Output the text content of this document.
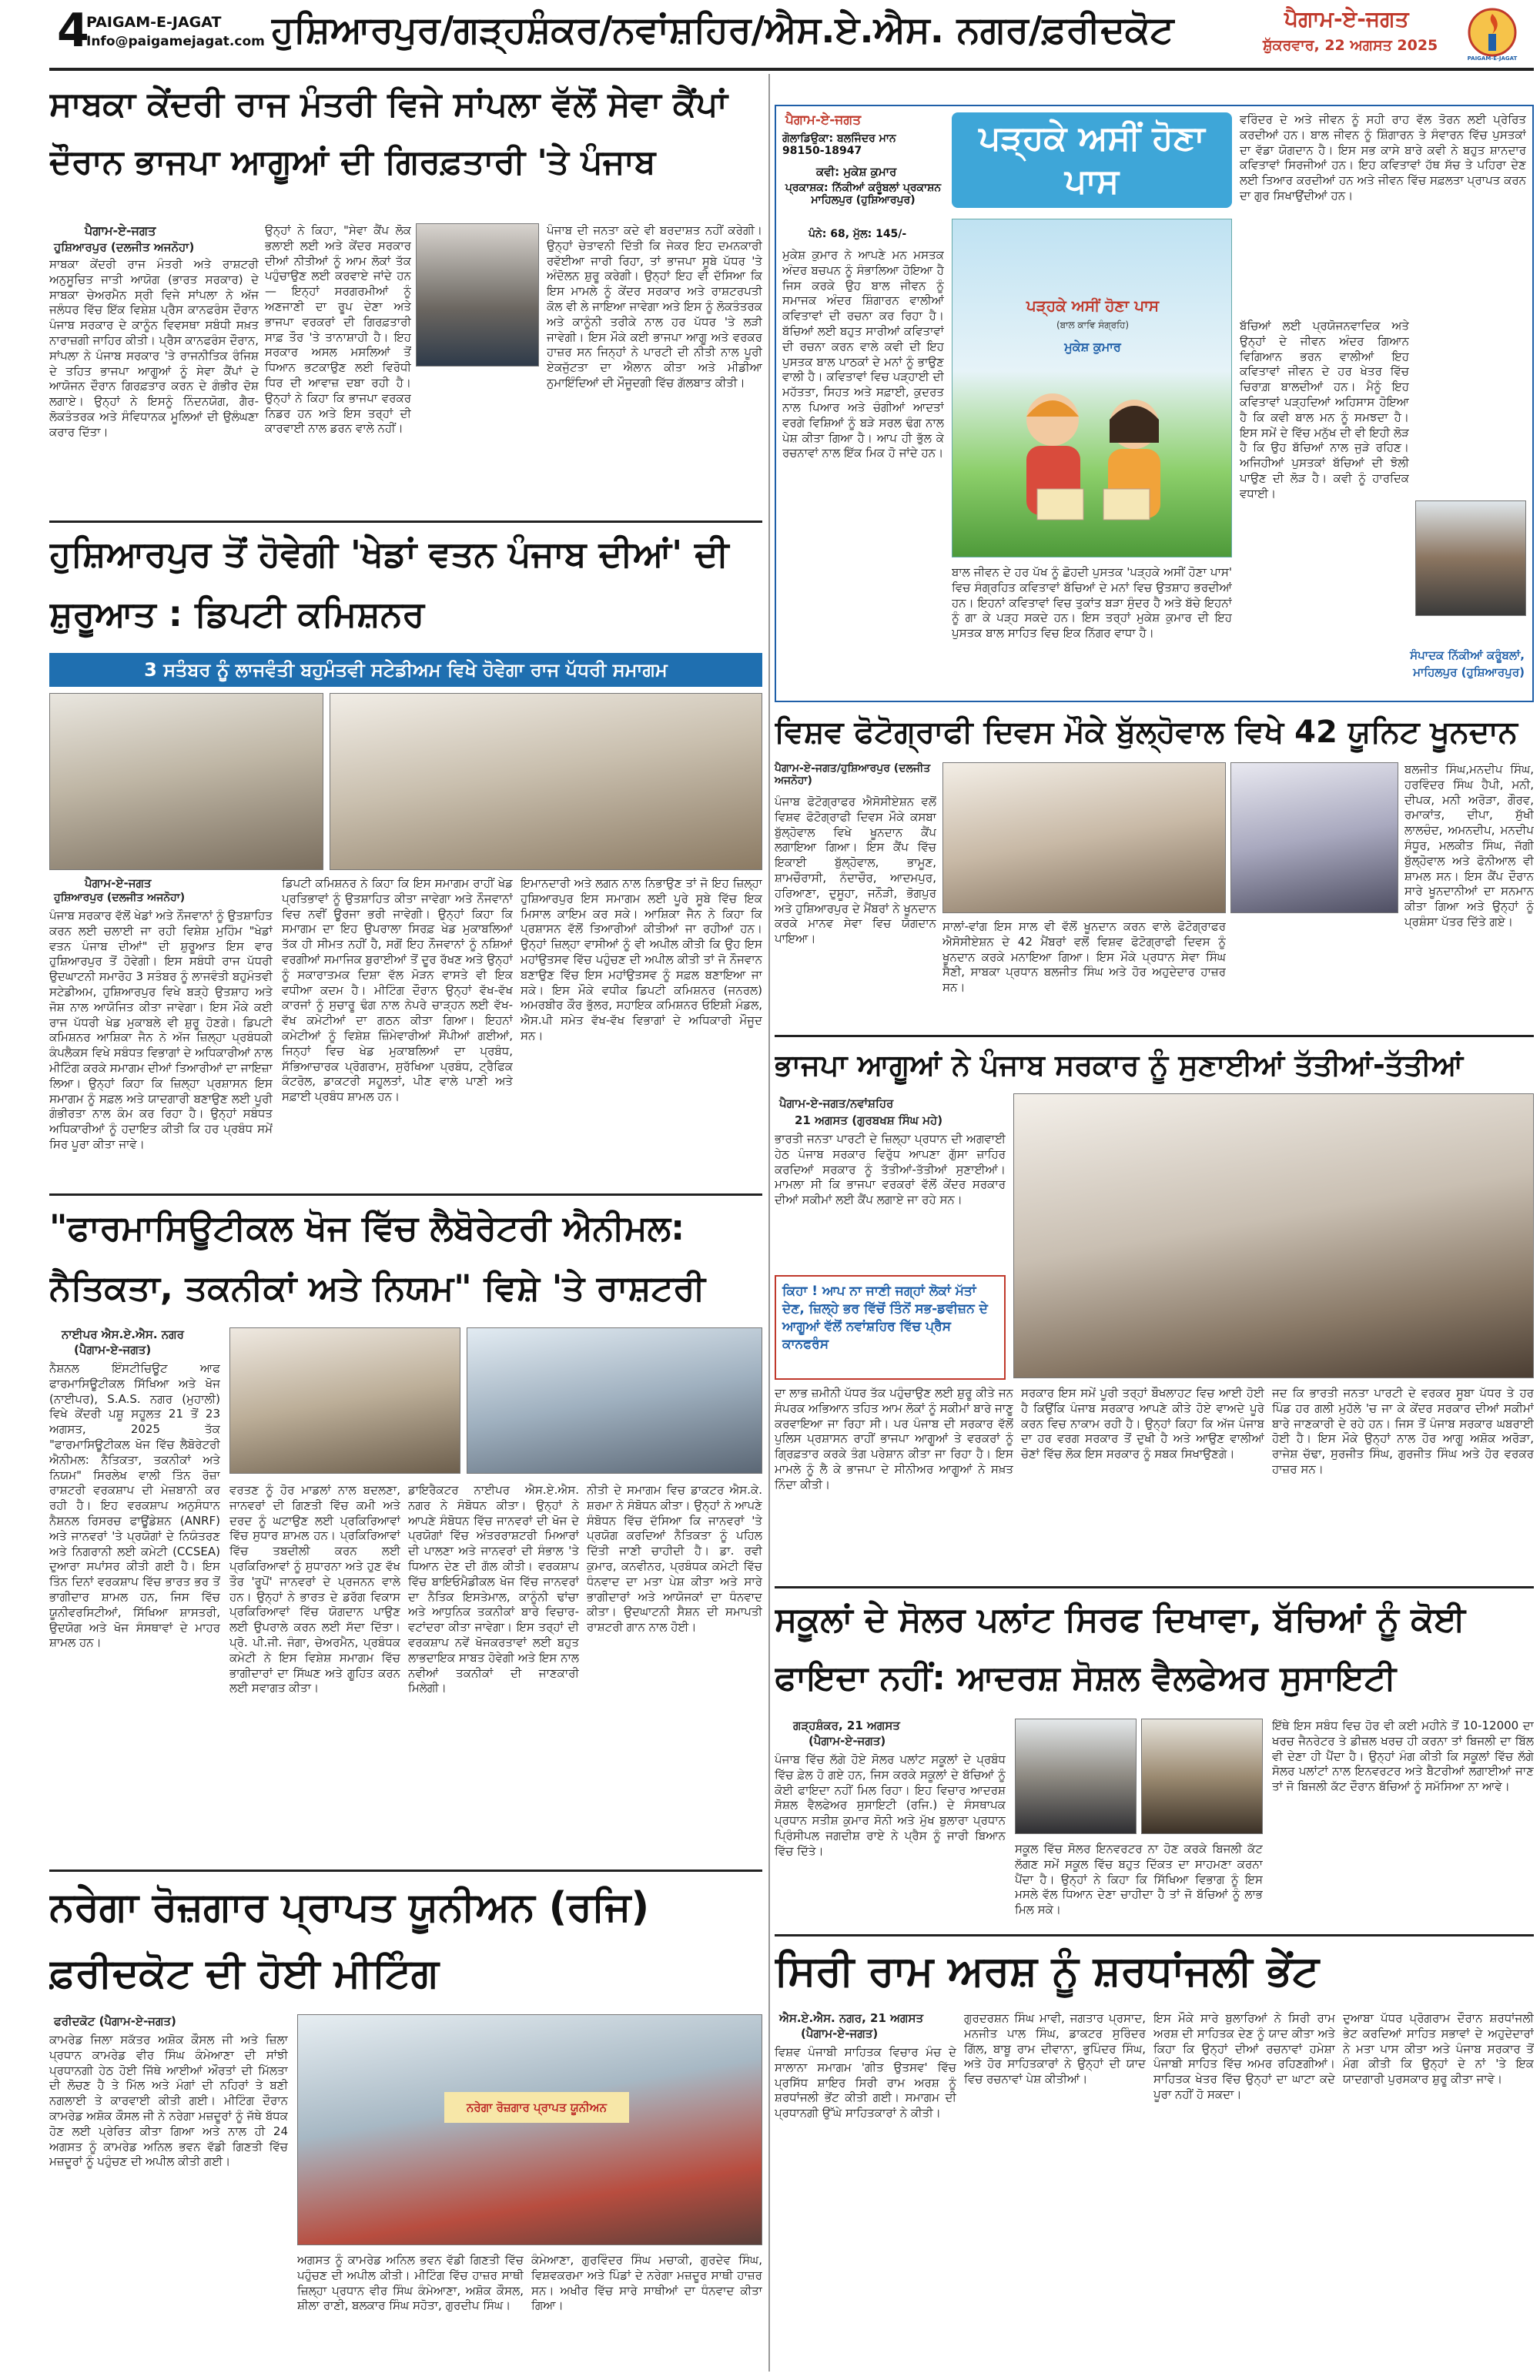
4
PAIGAM-E-JAGAT
Info@paigamejagat.com ਹੁਸ਼ਿਆਰਪੁਰ/ਗੜ੍ਹਸ਼ੰਕਰ/ਨਵਾਂਸ਼ਹਿਰ/ਐਸ.ਏ.ਐਸ. ਨਗਰ/ਫ਼ਰੀਦਕੋਟ	ਪੈਗਾਮ-ਏ-ਜਗਤ
ਸ਼ੁੱਕਰਵਾਰ, 22 ਅਗਸਤ 2025
PAIGAM-E-JAGAT
ਸਾਬਕਾ ਕੇਂਦਰੀ ਰਾਜ ਮੰਤਰੀ ਵਿਜੇ ਸਾਂਪਲਾ ਵੱਲੋਂ ਸੇਵਾ ਕੈਂਪਾਂ ਦੌਰਾਨ ਭਾਜਪਾ ਆਗੂਆਂ ਦੀ ਗਿਰਫ਼ਤਾਰੀ 'ਤੇ ਪੰਜਾਬ
ਪੈਗਾਮ-ਏ-ਜਗਤ
ਹੁਸ਼ਿਆਰਪੁਰ (ਦਲਜੀਤ ਅਜਨੋਹਾ)
ਸਾਬਕਾ ਕੇਂਦਰੀ ਰਾਜ ਮੰਤਰੀ ਅਤੇ ਰਾਸ਼ਟਰੀ ਅਨੁਸੂਚਿਤ ਜਾਤੀ ਆਯੋਗ (ਭਾਰਤ ਸਰਕਾਰ) ਦੇ ਸਾਬਕਾ ਚੇਅਰਮੈਨ ਸ੍ਰੀ ਵਿਜੇ ਸਾਂਪਲਾ ਨੇ ਅੱਜ ਜਲੰਧਰ ਵਿੱਚ ਇੱਕ ਵਿਸ਼ੇਸ਼ ਪ੍ਰੈਸ ਕਾਨਫਰੰਸ ਦੌਰਾਨ ਪੰਜਾਬ ਸਰਕਾਰ ਦੇ ਕਾਨੂੰਨ ਵਿਵਸਥਾ ਸਬੰਧੀ ਸਖ਼ਤ ਨਾਰਾਜ਼ਗੀ ਜਾਹਿਰ ਕੀਤੀ। ਪ੍ਰੈਸ ਕਾਨਫਰੰਸ ਦੌਰਾਨ, ਸਾਂਪਲਾ ਨੇ ਪੰਜਾਬ ਸਰਕਾਰ 'ਤੇ ਰਾਜਨੀਤਿਕ ਰੰਜਿਸ਼ ਦੇ ਤਹਿਤ ਭਾਜਪਾ ਆਗੂਆਂ ਨੂੰ ਸੇਵਾ ਕੈਂਪਾਂ ਦੇ ਆਯੋਜਨ ਦੌਰਾਨ ਗਿਰਫ਼ਤਾਰ ਕਰਨ ਦੇ ਗੰਭੀਰ ਦੋਸ਼ ਲਗਾਏ। ਉਨ੍ਹਾਂ ਨੇ ਇਸਨੂੰ ਨਿੰਦਨਯੋਗ, ਗੈਰ-ਲੋਕਤੰਤਰਕ ਅਤੇ ਸੰਵਿਧਾਨਕ ਮੂਲਿਆਂ ਦੀ ਉਲੰਘਣਾ ਕਰਾਰ ਦਿੱਤਾ।
ਉਨ੍ਹਾਂ ਨੇ ਕਿਹਾ, "ਸੇਵਾ ਕੈਂਪ ਲੋਕ ਭਲਾਈ ਲਈ ਅਤੇ ਕੇਂਦਰ ਸਰਕਾਰ ਦੀਆਂ ਨੀਤੀਆਂ ਨੂੰ ਆਮ ਲੋਕਾਂ ਤੱਕ ਪਹੁੰਚਾਉਣ ਲਈ ਕਰਵਾਏ ਜਾਂਦੇ ਹਨ — ਇਨ੍ਹਾਂ ਸਰਗਰਮੀਆਂ ਨੂੰ ਅਣਜਾਣੀ ਦਾ ਰੂਪ ਦੇਣਾ ਅਤੇ ਭਾਜਪਾ ਵਰਕਰਾਂ ਦੀ ਗਿਰਫ਼ਤਾਰੀ ਸਾਫ਼ ਤੌਰ 'ਤੇ ਤਾਨਾਸ਼ਾਹੀ ਹੈ। ਇਹ ਸਰਕਾਰ ਅਸਲ ਮਸਲਿਆਂ ਤੋਂ ਧਿਆਨ ਭਟਕਾਉਣ ਲਈ ਵਿਰੋਧੀ ਧਿਰ ਦੀ ਆਵਾਜ਼ ਦਬਾ ਰਹੀ ਹੈ। ਉਨ੍ਹਾਂ ਨੇ ਕਿਹਾ ਕਿ ਭਾਜਪਾ ਵਰਕਰ ਨਿਡਰ ਹਨ ਅਤੇ ਇਸ ਤਰ੍ਹਾਂ ਦੀ ਕਾਰਵਾਈ ਨਾਲ ਡਰਨ ਵਾਲੇ ਨਹੀਂ।
ਪੰਜਾਬ ਦੀ ਜਨਤਾ ਕਦੇ ਵੀ ਬਰਦਾਸ਼ਤ ਨਹੀਂ ਕਰੇਗੀ। ਉਨ੍ਹਾਂ ਚੇਤਾਵਨੀ ਦਿੱਤੀ ਕਿ ਜੇਕਰ ਇਹ ਦਮਨਕਾਰੀ ਰਵੱਈਆ ਜਾਰੀ ਰਿਹਾ, ਤਾਂ ਭਾਜਪਾ ਸੂਬੇ ਪੱਧਰ 'ਤੇ ਅੰਦੋਲਨ ਸ਼ੁਰੂ ਕਰੇਗੀ। ਉਨ੍ਹਾਂ ਇਹ ਵੀ ਦੱਸਿਆ ਕਿ ਇਸ ਮਾਮਲੇ ਨੂੰ ਕੇਂਦਰ ਸਰਕਾਰ ਅਤੇ ਰਾਸ਼ਟਰਪਤੀ ਕੋਲ ਵੀ ਲੇ ਜਾਇਆ ਜਾਵੇਗਾ ਅਤੇ ਇਸ ਨੂੰ ਲੋਕਤੰਤਰਕ ਅਤੇ ਕਾਨੂੰਨੀ ਤਰੀਕੇ ਨਾਲ ਹਰ ਪੱਧਰ 'ਤੇ ਲੜੀ ਜਾਵੇਗੀ। ਇਸ ਮੌਕੇ ਕਈ ਭਾਜਪਾ ਆਗੂ ਅਤੇ ਵਰਕਰ ਹਾਜ਼ਰ ਸਨ ਜਿਨ੍ਹਾਂ ਨੇ ਪਾਰਟੀ ਦੀ ਨੀਤੀ ਨਾਲ ਪੂਰੀ ਏਕਜੁੱਟਤਾ ਦਾ ਐਲਾਨ ਕੀਤਾ ਅਤੇ ਮੀਡੀਆ ਨੁਮਾਇੰਦਿਆਂ ਦੀ ਮੌਜੂਦਗੀ ਵਿੱਚ ਗੱਲਬਾਤ ਕੀਤੀ।
ਹੁਸ਼ਿਆਰਪੁਰ ਤੋਂ ਹੋਵੇਗੀ 'ਖੇਡਾਂ ਵਤਨ ਪੰਜਾਬ ਦੀਆਂ' ਦੀ ਸ਼ੁਰੂਆਤ : ਡਿਪਟੀ ਕਮਿਸ਼ਨਰ
3 ਸਤੰਬਰ ਨੂੰ ਲਾਜਵੰਤੀ ਬਹੁਮੰਤਵੀ ਸਟੇਡੀਅਮ ਵਿਖੇ ਹੋਵੇਗਾ ਰਾਜ ਪੱਧਰੀ ਸਮਾਗਮ
ਪੈਗਾਮ-ਏ-ਜਗਤ
ਹੁਸ਼ਿਆਰਪੁਰ (ਦਲਜੀਤ ਅਜਨੋਹਾ)
ਪੰਜਾਬ ਸਰਕਾਰ ਵੱਲੋਂ ਖੇਡਾਂ ਅਤੇ ਨੌਜਵਾਨਾਂ ਨੂੰ ਉਤਸ਼ਾਹਿਤ ਕਰਨ ਲਈ ਚਲਾਈ ਜਾ ਰਹੀ ਵਿਸ਼ੇਸ਼ ਮੁਹਿੰਮ "ਖੇਡਾਂ ਵਤਨ ਪੰਜਾਬ ਦੀਆਂ" ਦੀ ਸ਼ੁਰੂਆਤ ਇਸ ਵਾਰ ਹੁਸ਼ਿਆਰਪੁਰ ਤੋਂ ਹੋਵੇਗੀ। ਇਸ ਸਬੰਧੀ ਰਾਜ ਪੱਧਰੀ ਉਦਘਾਟਨੀ ਸਮਾਰੋਹ 3 ਸਤੰਬਰ ਨੂੰ ਲਾਜਵੰਤੀ ਬਹੁਮੰਤਵੀ ਸਟੇਡੀਅਮ, ਹੁਸ਼ਿਆਰਪੁਰ ਵਿਖੇ ਬੜ੍ਹੇ ਉਤਸ਼ਾਹ ਅਤੇ ਜੋਸ਼ ਨਾਲ ਆਯੋਜਿਤ ਕੀਤਾ ਜਾਵੇਗਾ। ਇਸ ਮੌਕੇ ਕਈ ਰਾਜ ਪੱਧਰੀ ਖੇਡ ਮੁਕਾਬਲੇ ਵੀ ਸ਼ੁਰੂ ਹੋਣਗੇ। ਡਿਪਟੀ ਕਮਿਸ਼ਨਰ ਆਸ਼ਿਕਾ ਜੈਨ ਨੇ ਅੱਜ ਜ਼ਿਲ੍ਹਾ ਪ੍ਰਬੰਧਕੀ ਕੰਪਲੈਕਸ ਵਿਖੇ ਸਬੰਧਤ ਵਿਭਾਗਾਂ ਦੇ ਅਧਿਕਾਰੀਆਂ ਨਾਲ ਮੀਟਿੰਗ ਕਰਕੇ ਸਮਾਗਮ ਦੀਆਂ ਤਿਆਰੀਆਂ ਦਾ ਜਾਇਜ਼ਾ ਲਿਆ। ਉਨ੍ਹਾਂ ਕਿਹਾ ਕਿ ਜ਼ਿਲ੍ਹਾ ਪ੍ਰਸ਼ਾਸਨ ਇਸ ਸਮਾਗਮ ਨੂੰ ਸਫ਼ਲ ਅਤੇ ਯਾਦਗਾਰੀ ਬਣਾਉਣ ਲਈ ਪੂਰੀ ਗੰਭੀਰਤਾ ਨਾਲ ਕੰਮ ਕਰ ਰਿਹਾ ਹੈ। ਉਨ੍ਹਾਂ ਸਬੰਧਤ ਅਧਿਕਾਰੀਆਂ ਨੂੰ ਹਦਾਇਤ ਕੀਤੀ ਕਿ ਹਰ ਪ੍ਰਬੰਧ ਸਮੇਂ ਸਿਰ ਪੂਰਾ ਕੀਤਾ ਜਾਵੇ।
ਡਿਪਟੀ ਕਮਿਸ਼ਨਰ ਨੇ ਕਿਹਾ ਕਿ ਇਸ ਸਮਾਗਮ ਰਾਹੀਂ ਖੇਡ ਪ੍ਰਤਿਭਾਵਾਂ ਨੂੰ ਉਤਸ਼ਾਹਿਤ ਕੀਤਾ ਜਾਵੇਗਾ ਅਤੇ ਨੌਜਵਾਨਾਂ ਵਿਚ ਨਵੀਂ ਊਰਜਾ ਭਰੀ ਜਾਵੇਗੀ। ਉਨ੍ਹਾਂ ਕਿਹਾ ਕਿ ਸਮਾਗਮ ਦਾ ਇਹ ਉਪਰਾਲਾ ਸਿਰਫ਼ ਖੇਡ ਮੁਕਾਬਲਿਆਂ ਤੱਕ ਹੀ ਸੀਮਤ ਨਹੀਂ ਹੈ, ਸਗੋਂ ਇਹ ਨੌਜਵਾਨਾਂ ਨੂੰ ਨਸ਼ਿਆਂ ਵਰਗੀਆਂ ਸਮਾਜਿਕ ਬੁਰਾਈਆਂ ਤੋਂ ਦੂਰ ਰੱਖਣ ਅਤੇ ਉਨ੍ਹਾਂ ਨੂੰ ਸਕਾਰਾਤਮਕ ਦਿਸ਼ਾ ਵੱਲ ਮੋੜਨ ਵਾਸਤੇ ਵੀ ਇਕ ਵਧੀਆ ਕਦਮ ਹੈ। ਮੀਟਿੰਗ ਦੌਰਾਨ ਉਨ੍ਹਾਂ ਵੱਖ-ਵੱਖ ਕਾਰਜਾਂ ਨੂੰ ਸੁਚਾਰੂ ਢੰਗ ਨਾਲ ਨੇਪਰੇ ਚਾੜ੍ਹਨ ਲਈ ਵੱਖ-ਵੱਖ ਕਮੇਟੀਆਂ ਦਾ ਗਠਨ ਕੀਤਾ ਗਿਆ। ਇਹਨਾਂ ਕਮੇਟੀਆਂ ਨੂੰ ਵਿਸ਼ੇਸ਼ ਜ਼ਿੰਮੇਵਾਰੀਆਂ ਸੌਂਪੀਆਂ ਗਈਆਂ, ਜਿਨ੍ਹਾਂ ਵਿਚ ਖੇਡ ਮੁਕਾਬਲਿਆਂ ਦਾ ਪ੍ਰਬੰਧ, ਸੱਭਿਆਚਾਰਕ ਪ੍ਰੋਗਰਾਮ, ਸੁਰੱਖਿਆ ਪ੍ਰਬੰਧ, ਟ੍ਰੈਫਿਕ ਕੰਟਰੋਲ, ਡਾਕਟਰੀ ਸਹੂਲਤਾਂ, ਪੀਣ ਵਾਲੇ ਪਾਣੀ ਅਤੇ ਸਫ਼ਾਈ ਪ੍ਰਬੰਧ ਸ਼ਾਮਲ ਹਨ।
ਇਮਾਨਦਾਰੀ ਅਤੇ ਲਗਨ ਨਾਲ ਨਿਭਾਉਣ ਤਾਂ ਜੋ ਇਹ ਜ਼ਿਲ੍ਹਾ ਹੁਸ਼ਿਆਰਪੁਰ ਇਸ ਸਮਾਗਮ ਲਈ ਪੂਰੇ ਸੂਬੇ ਵਿੱਚ ਇਕ ਮਿਸਾਲ ਕਾਇਮ ਕਰ ਸਕੇ। ਆਸ਼ਿਕਾ ਜੈਨ ਨੇ ਕਿਹਾ ਕਿ ਪ੍ਰਸ਼ਾਸਨ ਵੱਲੋਂ ਤਿਆਰੀਆਂ ਕੀਤੀਆਂ ਜਾ ਰਹੀਆਂ ਹਨ। ਉਨ੍ਹਾਂ ਜ਼ਿਲ੍ਹਾ ਵਾਸੀਆਂ ਨੂੰ ਵੀ ਅਪੀਲ ਕੀਤੀ ਕਿ ਉਹ ਇਸ ਮਹਾਂਉਤਸਵ ਵਿੱਚ ਪਹੁੰਚਣ ਦੀ ਅਪੀਲ ਕੀਤੀ ਤਾਂ ਜੋ ਨੌਜਵਾਨ ਬਣਾਉਣ ਵਿੱਚ ਇਸ ਮਹਾਂਉਤਸਵ ਨੂੰ ਸਫ਼ਲ ਬਣਾਇਆ ਜਾ ਸਕੇ। ਇਸ ਮੌਕੇ ਵਧੀਕ ਡਿਪਟੀ ਕਮਿਸ਼ਨਰ (ਜਨਰਲ) ਅਮਰਬੀਰ ਕੌਰ ਭੁੱਲਰ, ਸਹਾਇਕ ਕਮਿਸ਼ਨਰ ਓਇਸ਼ੀ ਮੰਡਲ, ਐਸ.ਪੀ ਸਮੇਤ ਵੱਖ-ਵੱਖ ਵਿਭਾਗਾਂ ਦੇ ਅਧਿਕਾਰੀ ਮੌਜੂਦ ਸਨ।
"ਫਾਰਮਾਸਿਊਟੀਕਲ ਖੋਜ ਵਿੱਚ ਲੈਬੋਰੇਟਰੀ ਐਨੀਮਲ: ਨੈਤਿਕਤਾ, ਤਕਨੀਕਾਂ ਅਤੇ ਨਿਯਮ" ਵਿਸ਼ੇ 'ਤੇ ਰਾਸ਼ਟਰੀ
ਨਾਈਪਰ ਐਸ.ਏ.ਐਸ. ਨਗਰ
(ਪੈਗਾਮ-ਏ-ਜਗਤ)
ਨੈਸ਼ਨਲ ਇੰਸਟੀਚਿਊਟ ਆਫ ਫਾਰਮਾਸਿਊਟੀਕਲ ਸਿੱਖਿਆ ਅਤੇ ਖੋਜ (ਨਾਈਪਰ), S.A.S. ਨਗਰ (ਮੁਹਾਲੀ) ਵਿਖੇ ਕੇਂਦਰੀ ਪਸ਼ੂ ਸਹੂਲਤ 21 ਤੋਂ 23 ਅਗਸਤ, 2025 ਤੱਕ "ਫਾਰਮਾਸਿਊਟੀਕਲ ਖੋਜ ਵਿੱਚ ਲੈਬੋਰੇਟਰੀ ਐਨੀਮਲ: ਨੈਤਿਕਤਾ, ਤਕਨੀਕਾਂ ਅਤੇ ਨਿਯਮ" ਸਿਰਲੇਖ ਵਾਲੀ ਤਿੰਨ ਰੋਜ਼ਾ ਰਾਸ਼ਟਰੀ ਵਰਕਸ਼ਾਪ ਦੀ ਮੇਜ਼ਬਾਨੀ ਕਰ ਰਹੀ ਹੈ। ਇਹ ਵਰਕਸ਼ਾਪ ਅਨੁਸੰਧਾਨ ਨੈਸ਼ਨਲ ਰਿਸਰਚ ਫਾਊਂਡੇਸ਼ਨ (ANRF) ਅਤੇ ਜਾਨਵਰਾਂ 'ਤੇ ਪ੍ਰਯੋਗਾਂ ਦੇ ਨਿਯੰਤਰਣ ਅਤੇ ਨਿਗਰਾਨੀ ਲਈ ਕਮੇਟੀ (CCSEA) ਦੁਆਰਾ ਸਪਾਂਸਰ ਕੀਤੀ ਗਈ ਹੈ। ਇਸ ਤਿੰਨ ਦਿਨਾਂ ਵਰਕਸ਼ਾਪ ਵਿੱਚ ਭਾਰਤ ਭਰ ਤੋਂ ਭਾਗੀਦਾਰ ਸ਼ਾਮਲ ਹਨ, ਜਿਸ ਵਿੱਚ ਯੂਨੀਵਰਸਿਟੀਆਂ, ਸਿੱਖਿਆ ਸ਼ਾਸਤਰੀ, ਉਦਯੋਗ ਅਤੇ ਖੋਜ ਸੰਸਥਾਵਾਂ ਦੇ ਮਾਹਰ ਸ਼ਾਮਲ ਹਨ।
ਵਰਤਣ ਨੂੰ ਹੋਰ ਮਾਡਲਾਂ ਨਾਲ ਬਦਲਣਾ, ਜਾਨਵਰਾਂ ਦੀ ਗਿਣਤੀ ਵਿੱਚ ਕਮੀ ਅਤੇ ਦਰਦ ਨੂੰ ਘਟਾਉਣ ਲਈ ਪ੍ਰਕਿਰਿਆਵਾਂ ਵਿੱਚ ਸੁਧਾਰ ਸ਼ਾਮਲ ਹਨ। ਪ੍ਰਕਿਰਿਆਵਾਂ ਵਿੱਚ ਤਬਦੀਲੀ ਕਰਨ ਲਈ ਪ੍ਰਕਿਰਿਆਵਾਂ ਨੂੰ ਸੁਧਾਰਨਾ ਅਤੇ ਹੁਣ ਵੱਖ ਤੌਰ 'ਰੂਪੋਂ' ਜਾਨਵਰਾਂ ਦੇ ਪ੍ਰਜਨਨ ਵਾਲੇ ਹਨ। ਉਨ੍ਹਾਂ ਨੇ ਭਾਰਤ ਦੇ ਡਰੱਗ ਵਿਕਾਸ ਪ੍ਰਕਿਰਿਆਵਾਂ ਵਿੱਚ ਯੋਗਦਾਨ ਪਾਉਣ ਲਈ ਉਪਰਾਲੇ ਕਰਨ ਲਈ ਸੱਦਾ ਦਿੱਤਾ। ਪ੍ਰੋ. ਪੀ.ਜੀ. ਜੰਗਾ, ਚੇਅਰਮੈਨ, ਪ੍ਰਬੰਧਕ ਕਮੇਟੀ ਨੇ ਇਸ ਵਿਸ਼ੇਸ਼ ਸਮਾਗਮ ਵਿੱਚ ਭਾਗੀਦਾਰਾਂ ਦਾ ਸਿੱਘਣ ਅਤੇ ਗੂਹਿਤ ਕਰਨ ਲਈ ਸਵਾਗਤ ਕੀਤਾ।
ਡਾਇਰੈਕਟਰ ਨਾਈਪਰ ਐਸ.ਏ.ਐਸ. ਨਗਰ ਨੇ ਸੰਬੋਧਨ ਕੀਤਾ। ਉਨ੍ਹਾਂ ਨੇ ਆਪਣੇ ਸੰਬੋਧਨ ਵਿੱਚ ਜਾਨਵਰਾਂ ਦੀ ਖੋਜ ਦੇ ਪ੍ਰਯੋਗਾਂ ਵਿੱਚ ਅੰਤਰਰਾਸ਼ਟਰੀ ਮਿਆਰਾਂ ਦੀ ਪਾਲਣਾ ਅਤੇ ਜਾਨਵਰਾਂ ਦੀ ਸੰਭਾਲ 'ਤੇ ਧਿਆਨ ਦੇਣ ਦੀ ਗੱਲ ਕੀਤੀ। ਵਰਕਸ਼ਾਪ ਵਿੱਚ ਬਾਇਓਮੈਡੀਕਲ ਖੋਜ ਵਿੱਚ ਜਾਨਵਰਾਂ ਦਾ ਨੈਤਿਕ ਇਸਤੇਮਾਲ, ਕਾਨੂੰਨੀ ਢਾਂਚਾ ਅਤੇ ਆਧੁਨਿਕ ਤਕਨੀਕਾਂ ਬਾਰੇ ਵਿਚਾਰ-ਵਟਾਂਦਰਾ ਕੀਤਾ ਜਾਵੇਗਾ। ਇਸ ਤਰ੍ਹਾਂ ਦੀ ਵਰਕਸ਼ਾਪ ਨਵੇਂ ਖੋਜਕਰਤਾਵਾਂ ਲਈ ਬਹੁਤ ਲਾਭਦਾਇਕ ਸਾਬਤ ਹੋਵੇਗੀ ਅਤੇ ਇਸ ਨਾਲ ਨਵੀਆਂ ਤਕਨੀਕਾਂ ਦੀ ਜਾਣਕਾਰੀ ਮਿਲੇਗੀ।
ਨੀਤੀ ਦੇ ਸਮਾਗਮ ਵਿਚ ਡਾਕਟਰ ਐਸ.ਕੇ. ਸ਼ਰਮਾ ਨੇ ਸੰਬੋਧਨ ਕੀਤਾ। ਉਨ੍ਹਾਂ ਨੇ ਆਪਣੇ ਸੰਬੋਧਨ ਵਿੱਚ ਦੱਸਿਆ ਕਿ ਜਾਨਵਰਾਂ 'ਤੇ ਪ੍ਰਯੋਗ ਕਰਦਿਆਂ ਨੈਤਿਕਤਾ ਨੂੰ ਪਹਿਲ ਦਿੱਤੀ ਜਾਣੀ ਚਾਹੀਦੀ ਹੈ। ਡਾ. ਰਵੀ ਕੁਮਾਰ, ਕਨਵੀਨਰ, ਪ੍ਰਬੰਧਕ ਕਮੇਟੀ ਵਿੱਚ ਧੰਨਵਾਦ ਦਾ ਮਤਾ ਪੇਸ਼ ਕੀਤਾ ਅਤੇ ਸਾਰੇ ਭਾਗੀਦਾਰਾਂ ਅਤੇ ਆਯੋਜਕਾਂ ਦਾ ਧੰਨਵਾਦ ਕੀਤਾ। ਉਦਘਾਟਨੀ ਸੈਸ਼ਨ ਦੀ ਸਮਾਪਤੀ ਰਾਸ਼ਟਰੀ ਗਾਨ ਨਾਲ ਹੋਈ।
ਨਰੇਗਾ ਰੋਜ਼ਗਾਰ ਪ੍ਰਾਪਤ ਯੂਨੀਅਨ (ਰਜਿ) ਫ਼ਰੀਦਕੋਟ ਦੀ ਹੋਈ ਮੀਟਿੰਗ
ਫਰੀਦਕੋਟ (ਪੈਗਾਮ-ਏ-ਜਗਤ)
ਕਾਮਰੇਡ ਜਿਲਾ ਸਕੱਤਰ ਅਸ਼ੋਕ ਕੌਸਲ ਜੀ ਅਤੇ ਜ਼ਿਲਾ ਪ੍ਰਧਾਨ ਕਾਮਰੇਡ ਵੀਰ ਸਿੰਘ ਕੰਮੇਆਣਾ ਦੀ ਸਾਂਝੀ ਪ੍ਰਧਾਨਗੀ ਹੇਠ ਹੋਈ ਜਿੱਥੇ ਆਈਆਂ ਔਰਤਾਂ ਦੀ ਮਿੱਲਤਾ ਦੀ ਲੋਚਣ ਹੈ ਤੇ ਮਿੱਲ ਅਤੇ ਮੰਗਾਂ ਦੀ ਨਹਿਰਾਂ ਤੇ ਬਣੀ ਨਗਲਾਈ ਤੇ ਕਾਰਵਾਈ ਕੀਤੀ ਗਈ। ਮੀਟਿੰਗ ਦੌਰਾਨ ਕਾਮਰੇਡ ਅਸ਼ੋਕ ਕੌਸਲ ਜੀ ਨੇ ਨਰੇਗਾ ਮਜ਼ਦੂਰਾਂ ਨੂੰ ਜੱਥੇ ਬੱਧਕ ਹੋਣ ਲਈ ਪ੍ਰੇਰਿਤ ਕੀਤਾ ਗਿਆ ਅਤੇ ਨਾਲ ਹੀ 24 ਅਗਸਤ ਨੂੰ ਕਾਮਰੇਡ ਅਨਿਲ ਭਵਨ ਵੱਡੀ ਗਿਣਤੀ ਵਿੱਚ ਮਜ਼ਦੂਰਾਂ ਨੂੰ ਪਹੁੰਚਣ ਦੀ ਅਪੀਲ ਕੀਤੀ ਗਈ।
ਨਰੇਗਾ ਰੋਜ਼ਗਾਰ ਪ੍ਰਾਪਤ ਯੂਨੀਅਨ
ਅਗਸਤ ਨੂੰ ਕਾਮਰੇਡ ਅਨਿਲ ਭਵਨ ਵੱਡੀ ਗਿਣਤੀ ਵਿੱਚ ਪਹੁੰਚਣ ਦੀ ਅਪੀਲ ਕੀਤੀ। ਮੀਟਿੰਗ ਵਿੱਚ ਹਾਜ਼ਰ ਸਾਥੀ ਜ਼ਿਲ੍ਹਾ ਪ੍ਰਧਾਨ ਵੀਰ ਸਿੰਘ ਕੰਮੇਆਣਾ, ਅਸ਼ੋਕ ਕੌਸਲ, ਸ਼ੀਲਾ ਰਾਣੀ, ਬਲਕਾਰ ਸਿੰਘ ਸਹੋਤਾ, ਗੁਰਦੀਪ ਸਿੰਘ।
ਕੰਮੇਆਣਾ, ਗੁਰਵਿੰਦਰ ਸਿੰਘ ਮਚਾਕੀ, ਗੁਰਦੇਵ ਸਿੰਘ, ਵਿਸ਼ਵਕਰਮਾ ਅਤੇ ਪਿੰਡਾਂ ਦੇ ਨਰੇਗਾ ਮਜ਼ਦੂਰ ਸਾਥੀ ਹਾਜ਼ਰ ਸਨ। ਅਖੀਰ ਵਿੱਚ ਸਾਰੇ ਸਾਥੀਆਂ ਦਾ ਧੰਨਵਾਦ ਕੀਤਾ ਗਿਆ।
ਪੈਗਾਮ-ਏ-ਜਗਤ
ਗੋਲਾਡਿਉਕਾ: ਬਲਜਿੰਦਰ ਮਾਨ 98150-18947
ਕਵੀ: ਮੁਕੇਸ਼ ਕੁਮਾਰ
ਪ੍ਰਕਾਸ਼ਕ: ਨਿੱਕੀਆਂ ਕਰੂੰਬਲਾਂ ਪ੍ਰਕਾਸ਼ਨ ਮਾਹਿਲਪੁਰ (ਹੁਸ਼ਿਆਰਪੁਰ)
ਪੰਨੇ: 68, ਮੁੱਲ: 145/-
ਮੁਕੇਸ਼ ਕੁਮਾਰ ਨੇ ਆਪਣੇ ਮਨ ਮਸਤਕ ਅੰਦਰ ਬਚਪਨ ਨੂੰ ਸੰਭਾਲਿਆ ਹੋਇਆ ਹੈ ਜਿਸ ਕਰਕੇ ਉਹ ਬਾਲ ਜੀਵਨ ਨੂੰ ਸਮਾਜਕ ਅੰਦਰ ਸ਼ਿੰਗਾਰਨ ਵਾਲੀਆਂ ਕਵਿਤਾਵਾਂ ਦੀ ਰਚਨਾ ਕਰ ਰਿਹਾ ਹੈ। ਬੱਚਿਆਂ ਲਈ ਬਹੁਤ ਸਾਰੀਆਂ ਕਵਿਤਾਵਾਂ ਦੀ ਰਚਨਾ ਕਰਨ ਵਾਲੇ ਕਵੀ ਦੀ ਇਹ ਪੁਸਤਕ ਬਾਲ ਪਾਠਕਾਂ ਦੇ ਮਨਾਂ ਨੂੰ ਭਾਉਣ ਵਾਲੀ ਹੈ। ਕਵਿਤਾਵਾਂ ਵਿਚ ਪੜ੍ਹਾਈ ਦੀ ਮਹੱਤਤਾ, ਸਿਹਤ ਅਤੇ ਸਫ਼ਾਈ, ਕੁਦਰਤ ਨਾਲ ਪਿਆਰ ਅਤੇ ਚੰਗੀਆਂ ਆਦਤਾਂ ਵਰਗੇ ਵਿਸ਼ਿਆਂ ਨੂੰ ਬੜੇ ਸਰਲ ਢੰਗ ਨਾਲ ਪੇਸ਼ ਕੀਤਾ ਗਿਆ ਹੈ। ਆਪ ਹੀ ਭੁੱਲ ਕੇ ਰਚਨਾਵਾਂ ਨਾਲ ਇੱਕ ਮਿਕ ਹੋ ਜਾਂਦੇ ਹਨ।
ਪੜ੍ਹਕੇ ਅਸੀਂ ਹੋਣਾ ਪਾਸ
ਪੜ੍ਹਕੇ ਅਸੀਂ ਹੋਣਾ ਪਾਸ
(ਬਾਲ ਕਾਵਿ ਸੰਗ੍ਰਹਿ)
ਮੁਕੇਸ਼ ਕੁਮਾਰ
ਬਾਲ ਜੀਵਨ ਦੇ ਹਰ ਪੱਖ ਨੂੰ ਛੋਹਦੀ ਪੁਸਤਕ 'ਪੜ੍ਹਕੇ ਅਸੀਂ ਹੋਣਾ ਪਾਸ' ਵਿਚ ਸੰਗ੍ਰਹਿਤ ਕਵਿਤਾਵਾਂ ਬੱਚਿਆਂ ਦੇ ਮਨਾਂ ਵਿਚ ਉਤਸ਼ਾਹ ਭਰਦੀਆਂ ਹਨ। ਇਹਨਾਂ ਕਵਿਤਾਵਾਂ ਵਿਚ ਤੁਕਾਂਤ ਬੜਾ ਸੁੰਦਰ ਹੈ ਅਤੇ ਬੱਚੇ ਇਹਨਾਂ ਨੂੰ ਗਾ ਕੇ ਪੜ੍ਹ ਸਕਦੇ ਹਨ। ਇਸ ਤਰ੍ਹਾਂ ਮੁਕੇਸ਼ ਕੁਮਾਰ ਦੀ ਇਹ ਪੁਸਤਕ ਬਾਲ ਸਾਹਿਤ ਵਿਚ ਇਕ ਨਿੱਗਰ ਵਾਧਾ ਹੈ।
ਵਰਿੰਦਰ ਦੇ ਅਤੇ ਜੀਵਨ ਨੂੰ ਸਹੀ ਰਾਹ ਵੱਲ ਤੋਰਨ ਲਈ ਪ੍ਰੇਰਿਤ ਕਰਦੀਆਂ ਹਨ। ਬਾਲ ਜੀਵਨ ਨੂੰ ਸ਼ਿੰਗਾਰਨ ਤੇ ਸੰਵਾਰਨ ਵਿੱਚ ਪੁਸਤਕਾਂ ਦਾ ਵੱਡਾ ਯੋਗਦਾਨ ਹੈ। ਇਸ ਸਭ ਕਾਸੇ ਬਾਰੇ ਕਵੀ ਨੇ ਬਹੁਤ ਸ਼ਾਨਦਾਰ ਕਵਿਤਾਵਾਂ ਸਿਰਜੀਆਂ ਹਨ। ਇਹ ਕਵਿਤਾਵਾਂ ਹੱਥ ਸੱਚ ਤੇ ਪਹਿਰਾ ਦੇਣ ਲਈ ਤਿਆਰ ਕਰਦੀਆਂ ਹਨ ਅਤੇ ਜੀਵਨ ਵਿੱਚ ਸਫ਼ਲਤਾ ਪ੍ਰਾਪਤ ਕਰਨ ਦਾ ਗੁਰ ਸਿਖਾਉਂਦੀਆਂ ਹਨ।
ਬੱਚਿਆਂ ਲਈ ਪ੍ਰਯੋਜਨਵਾਦਿਕ ਅਤੇ ਉਨ੍ਹਾਂ ਦੇ ਜੀਵਨ ਅੰਦਰ ਗਿਆਨ ਵਿਗਿਆਨ ਭਰਨ ਵਾਲੀਆਂ ਇਹ ਕਵਿਤਾਵਾਂ ਜੀਵਨ ਦੇ ਹਰ ਖੇਤਰ ਵਿੱਚ ਚਿਰਾਗ਼ ਬਾਲਦੀਆਂ ਹਨ। ਮੈਨੂੰ ਇਹ ਕਵਿਤਾਵਾਂ ਪੜ੍ਹਦਿਆਂ ਅਹਿਸਾਸ ਹੋਇਆ ਹੈ ਕਿ ਕਵੀ ਬਾਲ ਮਨ ਨੂੰ ਸਮਝਦਾ ਹੈ। ਇਸ ਸਮੇਂ ਦੇ ਵਿੱਚ ਮਨੁੱਖ ਦੀ ਵੀ ਇਹੀ ਲੋੜ ਹੈ ਕਿ ਉਹ ਬੱਚਿਆਂ ਨਾਲ ਜੁੜੇ ਰਹਿਣ। ਅਜਿਹੀਆਂ ਪੁਸਤਕਾਂ ਬੱਚਿਆਂ ਦੀ ਝੋਲੀ ਪਾਉਣ ਦੀ ਲੋੜ ਹੈ। ਕਵੀ ਨੂੰ ਹਾਰਦਿਕ ਵਧਾਈ।
ਸੰਪਾਦਕ ਨਿੱਕੀਆਂ ਕਰੂੰਬਲਾਂ,
ਮਾਹਿਲਪੁਰ (ਹੁਸ਼ਿਆਰਪੁਰ)
ਵਿਸ਼ਵ ਫੋਟੋਗ੍ਰਾਫੀ ਦਿਵਸ ਮੌਕੇ ਬੁੱਲ੍ਹੋਵਾਲ ਵਿਖੇ 42 ਯੂਨਿਟ ਖੂਨਦਾਨ
ਪੈਗਾਮ-ਏ-ਜਗਤ/ਹੁਸ਼ਿਆਰਪੁਰ (ਦਲਜੀਤ ਅਜਨੋਹਾ)
ਪੰਜਾਬ ਫੋਟੋਗ੍ਰਾਫਰ ਐਸੋਸੀਏਸ਼ਨ ਵਲੋਂ ਵਿਸ਼ਵ ਫੋਟੋਗ੍ਰਾਫੀ ਦਿਵਸ ਮੌਕੇ ਕਸਬਾ ਬੁੱਲ੍ਹੋਵਾਲ ਵਿਖੇ ਖੂਨਦਾਨ ਕੈਂਪ ਲਗਾਇਆ ਗਿਆ। ਇਸ ਕੈਂਪ ਵਿੱਚ ਇਕਾਈ ਬੁੱਲ੍ਹੋਵਾਲ, ਭਾਮੂਣ, ਸ਼ਾਮਚੌਰਾਸੀ, ਨੰਦਾਚੌਰ, ਆਦਮਪੁਰ, ਹਰਿਆਣਾ, ਦੁਸੂਹਾ, ਜਨੌੜੀ, ਭੋਗਪੁਰ ਅਤੇ ਹੁਸ਼ਿਆਰਪੁਰ ਦੇ ਮੈਂਬਰਾਂ ਨੇ ਖੂਨਦਾਨ ਕਰਕੇ ਮਾਨਵ ਸੇਵਾ ਵਿਚ ਯੋਗਦਾਨ ਪਾਇਆ।
ਸਾਲਾਂ-ਵਾਂਗ ਇਸ ਸਾਲ ਵੀ ਵੱਲੋਂ ਖੂਨਦਾਨ ਕਰਨ ਵਾਲੇ ਫੋਟੋਗ੍ਰਾਫਰ ਐਸੋਸੀਏਸ਼ਨ ਦੇ 42 ਮੈਂਬਰਾਂ ਵਲੋਂ ਵਿਸ਼ਵ ਫੋਟੋਗ੍ਰਾਫੀ ਦਿਵਸ ਨੂੰ ਖੂਨਦਾਨ ਕਰਕੇ ਮਨਾਇਆ ਗਿਆ। ਇਸ ਮੌਕੇ ਪ੍ਰਧਾਨ ਸੇਵਾ ਸਿੰਘ ਸੈਣੀ, ਸਾਬਕਾ ਪ੍ਰਧਾਨ ਬਲਜੀਤ ਸਿੰਘ ਅਤੇ ਹੋਰ ਅਹੁਦੇਦਾਰ ਹਾਜ਼ਰ ਸਨ।
ਬਲਜੀਤ ਸਿੰਘ,ਮਨਦੀਪ ਸਿੰਘ, ਹਰਵਿੰਦਰ ਸਿੰਘ ਹੈਪੀ, ਮਨੀ, ਦੀਪਕ, ਮਨੀ ਅਰੋੜਾ, ਗੌਰਵ, ਰਮਾਕਾਂਤ, ਦੀਪਾ, ਸੁੱਖੀ ਲਾਲਚੰਦ, ਅਮਨਦੀਪ, ਮਨਦੀਪ ਸੰਧੂਰ, ਮਲਕੀਤ ਸਿੰਘ, ਜੱਗੀ ਬੁੱਲ੍ਹੋਵਾਲ ਅਤੇ ਫੋਨੀਆਲ ਵੀ ਸ਼ਾਮਲ ਸਨ। ਇਸ ਕੈਂਪ ਦੌਰਾਨ ਸਾਰੇ ਖੂਨਦਾਨੀਆਂ ਦਾ ਸਨਮਾਨ ਕੀਤਾ ਗਿਆ ਅਤੇ ਉਨ੍ਹਾਂ ਨੂੰ ਪ੍ਰਸ਼ੰਸਾ ਪੱਤਰ ਦਿੱਤੇ ਗਏ।
ਭਾਜਪਾ ਆਗੂਆਂ ਨੇ ਪੰਜਾਬ ਸਰਕਾਰ ਨੂੰ ਸੁਣਾਈਆਂ ਤੱਤੀਆਂ-ਤੱਤੀਆਂ
ਪੈਗਾਮ-ਏ-ਜਗਤ/ਨਵਾਂਸ਼ਹਿਰ
21 ਅਗਸਤ (ਗੁਰਬਖਸ਼ ਸਿੰਘ ਮਹੇ)
ਭਾਰਤੀ ਜਨਤਾ ਪਾਰਟੀ ਦੇ ਜ਼ਿਲ੍ਹਾ ਪ੍ਰਧਾਨ ਦੀ ਅਗਵਾਈ ਹੇਠ ਪੰਜਾਬ ਸਰਕਾਰ ਵਿਰੁੱਧ ਆਪਣਾ ਗੁੱਸਾ ਜ਼ਾਹਿਰ ਕਰਦਿਆਂ ਸਰਕਾਰ ਨੂੰ ਤੱਤੀਆਂ-ਤੱਤੀਆਂ ਸੁਣਾਈਆਂ। ਮਾਮਲਾ ਸੀ ਕਿ ਭਾਜਪਾ ਵਰਕਰਾਂ ਵੱਲੋਂ ਕੇਂਦਰ ਸਰਕਾਰ ਦੀਆਂ ਸਕੀਮਾਂ ਲਈ ਕੈਂਪ ਲਗਾਏ ਜਾ ਰਹੇ ਸਨ।
ਕਿਹਾ ! ਆਪ ਨਾ ਜਾਣੀ ਜਗ੍ਹਾਂ ਲੋਕਾਂ ਮੱਤਾਂ ਦੇਣ, ਜ਼ਿਲ੍ਹੇ ਭਰ ਵਿੱਚੋਂ ਤਿੰਨੋਂ ਸਭ-ਡਵੀਜ਼ਨ ਦੇ ਆਗੂਆਂ ਵੱਲੋਂ ਨਵਾਂਸ਼ਹਿਰ ਵਿੱਚ ਪ੍ਰੈਸ ਕਾਨਫਰੰਸ
ਦਾ ਲਾਭ ਜ਼ਮੀਨੀ ਪੱਧਰ ਤੱਕ ਪਹੁੰਚਾਉਣ ਲਈ ਸ਼ੁਰੂ ਕੀਤੇ ਜਨ ਸੰਪਰਕ ਅਭਿਆਨ ਤਹਿਤ ਆਮ ਲੋਕਾਂ ਨੂੰ ਸਕੀਮਾਂ ਬਾਰੇ ਜਾਣੂ ਕਰਵਾਇਆ ਜਾ ਰਿਹਾ ਸੀ। ਪਰ ਪੰਜਾਬ ਦੀ ਸਰਕਾਰ ਵੱਲੋਂ ਪੁਲਿਸ ਪ੍ਰਸ਼ਾਸਨ ਰਾਹੀਂ ਭਾਜਪਾ ਆਗੂਆਂ ਤੇ ਵਰਕਰਾਂ ਨੂੰ ਗ੍ਰਿਫ਼ਤਾਰ ਕਰਕੇ ਤੰਗ ਪਰੇਸ਼ਾਨ ਕੀਤਾ ਜਾ ਰਿਹਾ ਹੈ। ਇਸ ਮਾਮਲੇ ਨੂੰ ਲੈ ਕੇ ਭਾਜਪਾ ਦੇ ਸੀਨੀਅਰ ਆਗੂਆਂ ਨੇ ਸਖ਼ਤ ਨਿੰਦਾ ਕੀਤੀ।
ਸਰਕਾਰ ਇਸ ਸਮੇਂ ਪੂਰੀ ਤਰ੍ਹਾਂ ਬੌਖਲਾਹਟ ਵਿਚ ਆਈ ਹੋਈ ਹੈ ਕਿਉਂਕਿ ਪੰਜਾਬ ਸਰਕਾਰ ਆਪਣੇ ਕੀਤੇ ਹੋਏ ਵਾਅਦੇ ਪੂਰੇ ਕਰਨ ਵਿਚ ਨਾਕਾਮ ਰਹੀ ਹੈ। ਉਨ੍ਹਾਂ ਕਿਹਾ ਕਿ ਅੱਜ ਪੰਜਾਬ ਦਾ ਹਰ ਵਰਗ ਸਰਕਾਰ ਤੋਂ ਦੁਖੀ ਹੈ ਅਤੇ ਆਉਣ ਵਾਲੀਆਂ ਚੋਣਾਂ ਵਿੱਚ ਲੋਕ ਇਸ ਸਰਕਾਰ ਨੂੰ ਸਬਕ ਸਿਖਾਉਣਗੇ।
ਜਦ ਕਿ ਭਾਰਤੀ ਜਨਤਾ ਪਾਰਟੀ ਦੇ ਵਰਕਰ ਸੂਬਾ ਪੱਧਰ ਤੇ ਹਰ ਪਿੰਡ ਹਰ ਗਲੀ ਮੁਹੱਲੇ 'ਚ ਜਾ ਕੇ ਕੇਂਦਰ ਸਰਕਾਰ ਦੀਆਂ ਸਕੀਮਾਂ ਬਾਰੇ ਜਾਣਕਾਰੀ ਦੇ ਰਹੇ ਹਨ। ਜਿਸ ਤੋਂ ਪੰਜਾਬ ਸਰਕਾਰ ਘਬਰਾਈ ਹੋਈ ਹੈ। ਇਸ ਮੌਕੇ ਉਨ੍ਹਾਂ ਨਾਲ ਹੋਰ ਆਗੂ ਅਸ਼ੋਕ ਅਰੋੜਾ, ਰਾਜੇਸ਼ ਚੱਢਾ, ਸੁਰਜੀਤ ਸਿੰਘ, ਗੁਰਜੀਤ ਸਿੰਘ ਅਤੇ ਹੋਰ ਵਰਕਰ ਹਾਜ਼ਰ ਸਨ।
ਸਕੂਲਾਂ ਦੇ ਸੋਲਰ ਪਲਾਂਟ ਸਿਰਫ ਦਿਖਾਵਾ, ਬੱਚਿਆਂ ਨੂੰ ਕੋਈ ਫਾਇਦਾ ਨਹੀਂ: ਆਦਰਸ਼ ਸੋਸ਼ਲ ਵੈਲਫੇਅਰ ਸੁਸਾਇਟੀ
ਗੜ੍ਹਸ਼ੰਕਰ, 21 ਅਗਸਤ
(ਪੈਗਾਮ-ਏ-ਜਗਤ)
ਪੰਜਾਬ ਵਿੱਚ ਲੱਗੇ ਹੋਏ ਸੋਲਰ ਪਲਾਂਟ ਸਕੂਲਾਂ ਦੇ ਪ੍ਰਬੰਧ ਵਿੱਚ ਫ਼ੇਲ ਹੋ ਗਏ ਹਨ, ਜਿਸ ਕਰਕੇ ਸਕੂਲਾਂ ਦੇ ਬੱਚਿਆਂ ਨੂੰ ਕੋਈ ਫਾਇਦਾ ਨਹੀਂ ਮਿਲ ਰਿਹਾ। ਇਹ ਵਿਚਾਰ ਆਦਰਸ਼ ਸੋਸ਼ਲ ਵੈਲਫੇਅਰ ਸੁਸਾਇਟੀ (ਰਜਿ.) ਦੇ ਸੰਸਥਾਪਕ ਪ੍ਰਧਾਨ ਸਤੀਸ਼ ਕੁਮਾਰ ਸੋਨੀ ਅਤੇ ਮੁੱਖ ਬੁਲਾਰਾ ਪ੍ਰਧਾਨ ਪ੍ਰਿੰਸੀਪਲ ਜਗਦੀਸ਼ ਰਾਏ ਨੇ ਪ੍ਰੈਸ ਨੂੰ ਜਾਰੀ ਬਿਆਨ ਵਿੱਚ ਦਿੱਤੇ।	ਸਕੂਲ ਵਿੱਚ ਸੋਲਰ ਇਨਵਰਟਰ ਨਾ ਹੋਣ ਕਰਕੇ ਬਿਜਲੀ ਕੱਟ ਲੱਗਣ ਸਮੇਂ ਸਕੂਲ ਵਿੱਚ ਬਹੁਤ ਦਿੱਕਤ ਦਾ ਸਾਹਮਣਾ ਕਰਨਾ ਪੈਂਦਾ ਹੈ। ਉਨ੍ਹਾਂ ਨੇ ਕਿਹਾ ਕਿ ਸਿੱਖਿਆ ਵਿਭਾਗ ਨੂੰ ਇਸ ਮਸਲੇ ਵੱਲ ਧਿਆਨ ਦੇਣਾ ਚਾਹੀਦਾ ਹੈ ਤਾਂ ਜੋ ਬੱਚਿਆਂ ਨੂੰ ਲਾਭ ਮਿਲ ਸਕੇ।
ਇੱਥੇ ਇਸ ਸਬੰਧ ਵਿਚ ਹੋਰ ਵੀ ਕਈ ਮਹੀਨੇ ਤੋਂ 10-12000 ਦਾ ਖਰਚ ਜੈਨਰੇਟਰ ਤੇ ਡੀਜ਼ਲ ਖਰਚ ਹੀ ਕਰਨਾ ਤਾਂ ਬਿਜਲੀ ਦਾ ਬਿੱਲ ਵੀ ਦੇਣਾ ਹੀ ਪੈਂਦਾ ਹੈ। ਉਨ੍ਹਾਂ ਮੰਗ ਕੀਤੀ ਕਿ ਸਕੂਲਾਂ ਵਿੱਚ ਲੱਗੇ ਸੋਲਰ ਪਲਾਂਟਾਂ ਨਾਲ ਇਨਵਰਟਰ ਅਤੇ ਬੈਟਰੀਆਂ ਲਗਾਈਆਂ ਜਾਣ ਤਾਂ ਜੋ ਬਿਜਲੀ ਕੱਟ ਦੌਰਾਨ ਬੱਚਿਆਂ ਨੂੰ ਸਮੱਸਿਆ ਨਾ ਆਵੇ।
ਸਿਰੀ ਰਾਮ ਅਰਸ਼ ਨੂੰ ਸ਼ਰਧਾਂਜਲੀ ਭੇਂਟ
ਐਸ.ਏ.ਐਸ. ਨਗਰ, 21 ਅਗਸਤ
(ਪੈਗਾਮ-ਏ-ਜਗਤ)
ਵਿਸ਼ਵ ਪੰਜਾਬੀ ਸਾਹਿਤਕ ਵਿਚਾਰ ਮੰਚ ਦੇ ਸਾਲਾਨਾ ਸਮਾਗਮ 'ਗੀਤ ਉਤਸਵ' ਵਿੱਚ ਪ੍ਰਸਿੱਧ ਸ਼ਾਇਰ ਸਿਰੀ ਰਾਮ ਅਰਸ਼ ਨੂੰ ਸ਼ਰਧਾਂਜਲੀ ਭੇਂਟ ਕੀਤੀ ਗਈ। ਸਮਾਗਮ ਦੀ ਪ੍ਰਧਾਨਗੀ ਉੱਘੇ ਸਾਹਿਤਕਾਰਾਂ ਨੇ ਕੀਤੀ।
ਗੁਰਦਰਸ਼ਨ ਸਿੰਘ ਮਾਵੀ, ਜਗਤਾਰ ਪ੍ਰਸਾਦ, ਮਨਜੀਤ ਪਾਲ ਸਿੰਘ, ਡਾਕਟਰ ਸੁਰਿੰਦਰ ਗਿੱਲ, ਬਾਬੂ ਰਾਮ ਦੀਵਾਨਾ, ਭੁਪਿੰਦਰ ਸਿੰਘ, ਅਤੇ ਹੋਰ ਸਾਹਿਤਕਾਰਾਂ ਨੇ ਉਨ੍ਹਾਂ ਦੀ ਯਾਦ ਵਿਚ ਰਚਨਾਵਾਂ ਪੇਸ਼ ਕੀਤੀਆਂ।
ਇਸ ਮੌਕੇ ਸਾਰੇ ਬੁਲਾਰਿਆਂ ਨੇ ਸਿਰੀ ਰਾਮ ਅਰਸ਼ ਦੀ ਸਾਹਿਤਕ ਦੇਣ ਨੂੰ ਯਾਦ ਕੀਤਾ ਅਤੇ ਕਿਹਾ ਕਿ ਉਨ੍ਹਾਂ ਦੀਆਂ ਰਚਨਾਵਾਂ ਹਮੇਸ਼ਾ ਪੰਜਾਬੀ ਸਾਹਿਤ ਵਿੱਚ ਅਮਰ ਰਹਿਣਗੀਆਂ। ਸਾਹਿਤਕ ਖੇਤਰ ਵਿੱਚ ਉਨ੍ਹਾਂ ਦਾ ਘਾਟਾ ਕਦੇ ਪੂਰਾ ਨਹੀਂ ਹੋ ਸਕਦਾ।
ਦੁਆਬਾ ਪੱਧਰ ਪ੍ਰੋਗਰਾਮ ਦੌਰਾਨ ਸ਼ਰਧਾਂਜਲੀ ਭੇਟ ਕਰਦਿਆਂ ਸਾਹਿਤ ਸਭਾਵਾਂ ਦੇ ਅਹੁਦੇਦਾਰਾਂ ਨੇ ਮਤਾ ਪਾਸ ਕੀਤਾ ਅਤੇ ਪੰਜਾਬ ਸਰਕਾਰ ਤੋਂ ਮੰਗ ਕੀਤੀ ਕਿ ਉਨ੍ਹਾਂ ਦੇ ਨਾਂ 'ਤੇ ਇਕ ਯਾਦਗਾਰੀ ਪੁਰਸਕਾਰ ਸ਼ੁਰੂ ਕੀਤਾ ਜਾਵੇ।
